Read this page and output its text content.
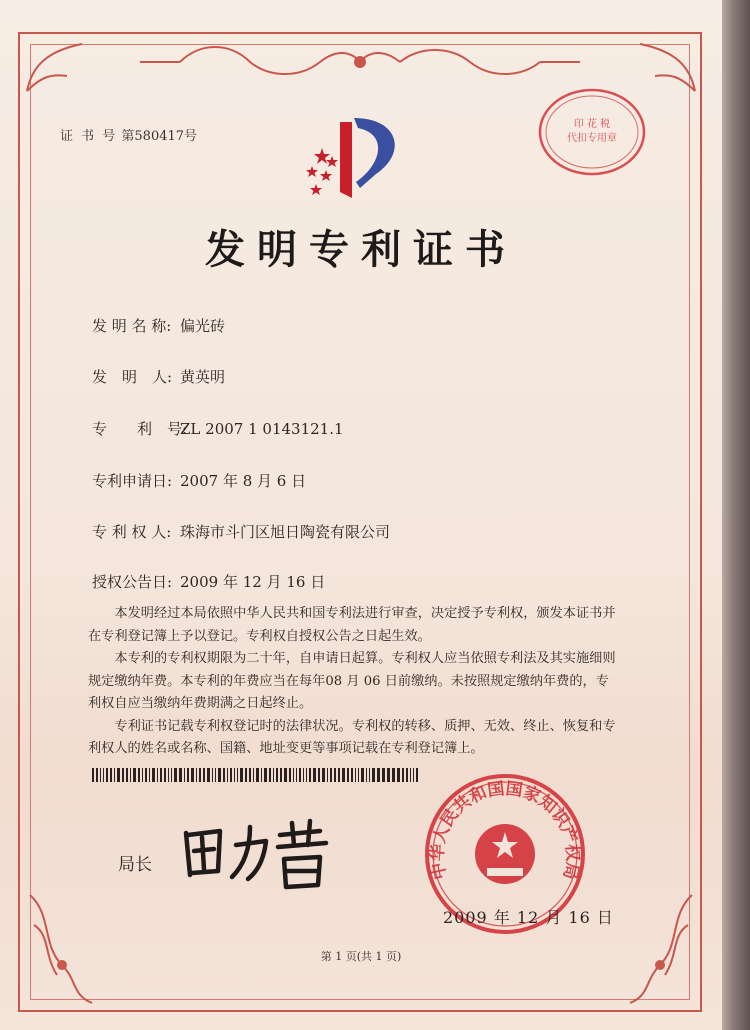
证 书 号 第580417号
印 花 税
代扣专用章
发明专利证书
发 明 名 称: 偏光砖
发　明　人: 黄英明
专　　利　号:ZL 2007 1 0143121.1
专利申请日: 2007 年 8 月 6 日
专 利 权 人: 珠海市斗门区旭日陶瓷有限公司
授权公告日: 2009 年 12 月 16 日

本发明经过本局依照中华人民共和国专利法进行审查，决定授予专利权，颁发本证书并在专利登记簿上予以登记。专利权自授权公告之日起生效。

本专利的专利权期限为二十年，自申请日起算。专利权人应当依照专利法及其实施细则规定缴纳年费。本专利的年费应当在每年08 月 06 日前缴纳。未按照规定缴纳年费的，专利权自应当缴纳年费期满之日起终止。

专利证书记载专利权登记时的法律状况。专利权的转移、质押、无效、终止、恢复和专利权人的姓名或名称、国籍、地址变更等事项记载在专利登记簿上。

局长	中华人民共和国国家知识产权局
2009 年 12 月 16 日
第 1 页(共 1 页)
